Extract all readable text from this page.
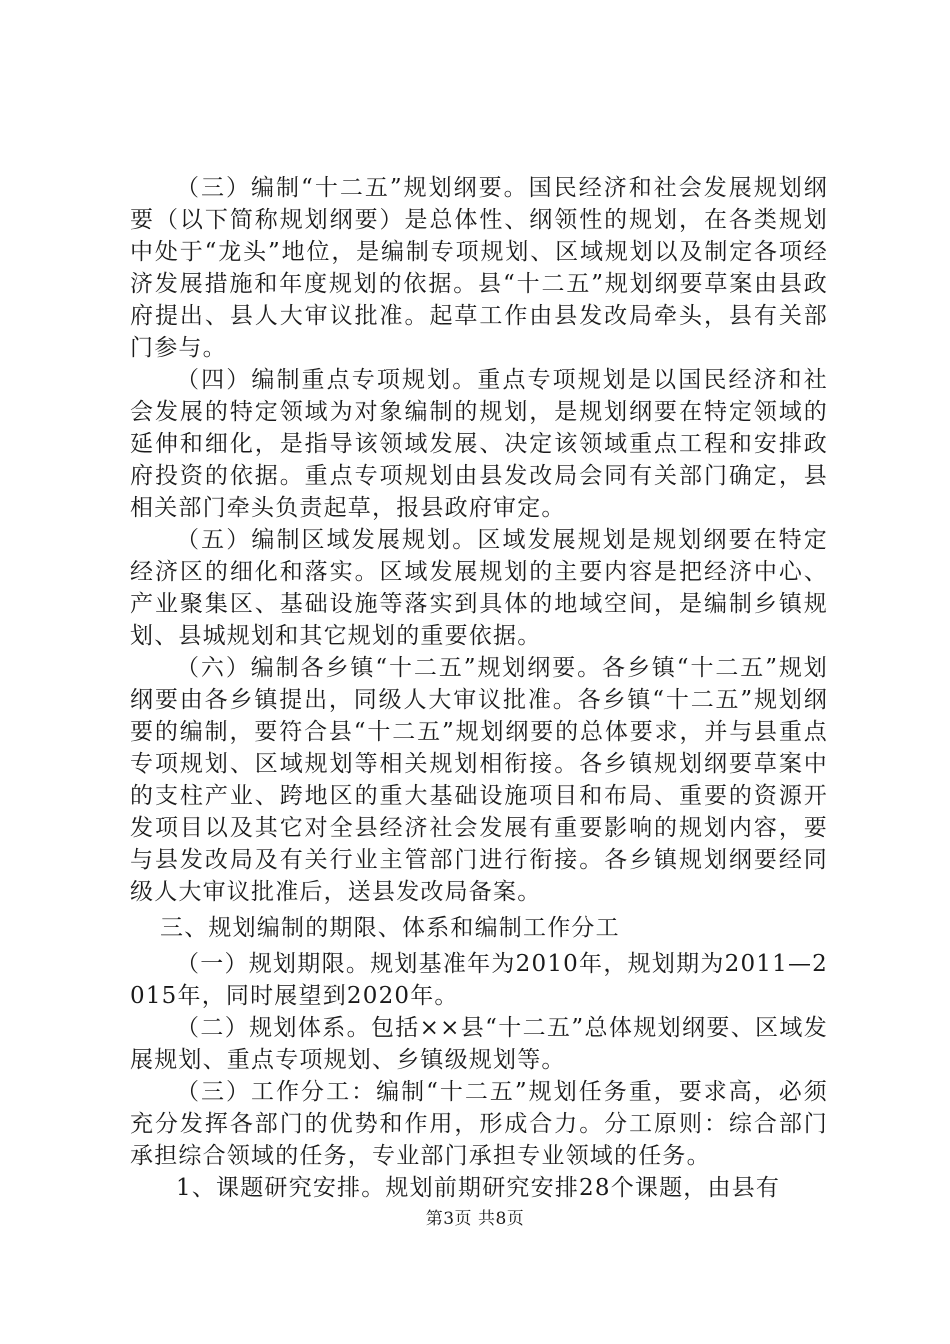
（三）编制“十二五”规划纲要。国民经济和社会发展规划纲要（以下简称规划纲要）是总体性、纲领性的规划，在各类规划中处于“龙头”地位，是编制专项规划、区域规划以及制定各项经济发展措施和年度规划的依据。县“十二五”规划纲要草案由县政府提出、县人大审议批准。起草工作由县发改局牵头，县有关部门参与。

（四）编制重点专项规划。重点专项规划是以国民经济和社会发展的特定领域为对象编制的规划，是规划纲要在特定领域的延伸和细化，是指导该领域发展、决定该领域重点工程和安排政府投资的依据。重点专项规划由县发改局会同有关部门确定，县相关部门牵头负责起草，报县政府审定。

（五）编制区域发展规划。区域发展规划是规划纲要在特定经济区的细化和落实。区域发展规划的主要内容是把经济中心、产业聚集区、基础设施等落实到具体的地域空间，是编制乡镇规划、县城规划和其它规划的重要依据。

（六）编制各乡镇“十二五”规划纲要。各乡镇“十二五”规划纲要由各乡镇提出，同级人大审议批准。各乡镇“十二五”规划纲要的编制，要符合县“十二五”规划纲要的总体要求，并与县重点专项规划、区域规划等相关规划相衔接。各乡镇规划纲要草案中的支柱产业、跨地区的重大基础设施项目和布局、重要的资源开发项目以及其它对全县经济社会发展有重要影响的规划内容，要与县发改局及有关行业主管部门进行衔接。各乡镇规划纲要经同级人大审议批准后，送县发改局备案。

三、规划编制的期限、体系和编制工作分工

（一）规划期限。规划基准年为2010年，规划期为2011—2015年，同时展望到2020年。

（二）规划体系。包括××县“十二五”总体规划纲要、区域发展规划、重点专项规划、乡镇级规划等。

（三）工作分工：编制“十二五”规划任务重，要求高，必须充分发挥各部门的优势和作用，形成合力。分工原则：综合部门承担综合领域的任务，专业部门承担专业领域的任务。

1、课题研究安排。规划前期研究安排28个课题，由县有

第3页 共8页
